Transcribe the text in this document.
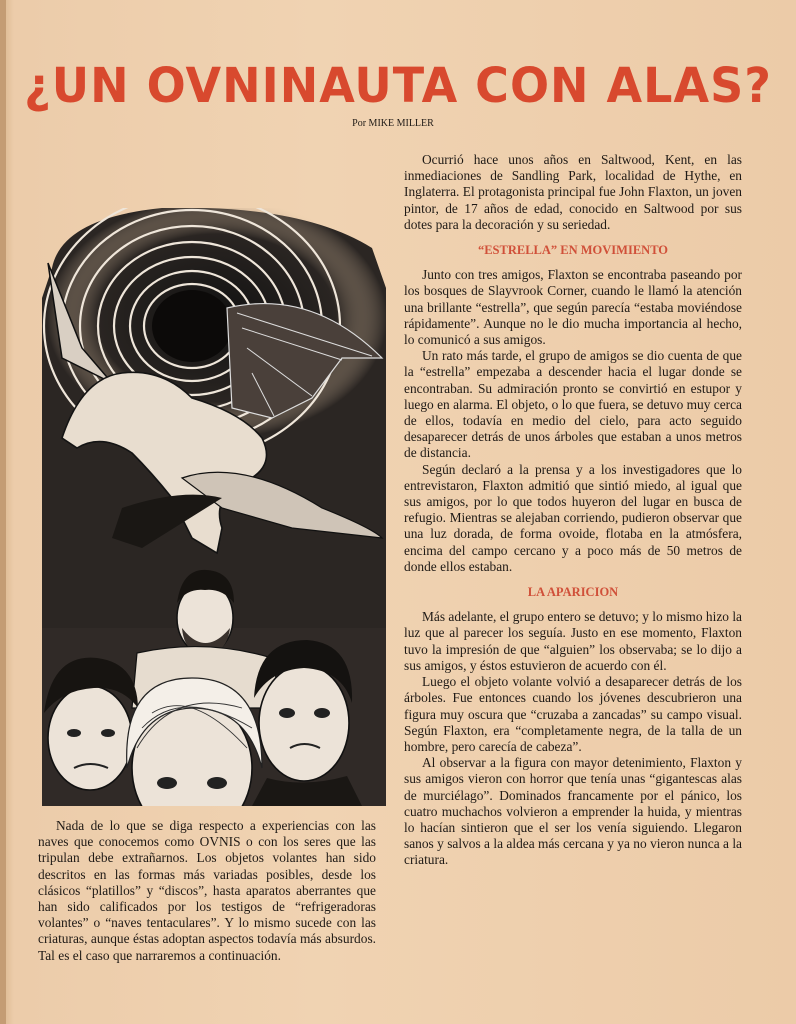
¿UN OVNINAUTA CON ALAS?
Por MIKE MILLER

Nada de lo que se diga respecto a experiencias con las naves que conocemos como OVNIS o con los seres que las tripulan debe extrañarnos. Los objetos volantes han sido descritos en las formas más variadas posibles, desde los clásicos “platillos” y “discos”, hasta aparatos aberrantes que han sido calificados por los testigos de “refrigeradoras volantes” o “naves tentaculares”. Y lo mismo sucede con las criaturas, aunque éstas adoptan aspectos todavía más absurdos. Tal es el caso que narraremos a continuación.

Ocurrió hace unos años en Saltwood, Kent, en las inmediaciones de Sandling Park, localidad de Hythe, en Inglaterra. El protagonista principal fue John Flaxton, un joven pintor, de 17 años de edad, conocido en Saltwood por sus dotes para la decoración y su seriedad.

“ESTRELLA” EN MOVIMIENTO

Junto con tres amigos, Flaxton se encontraba paseando por los bosques de Slayvrook Corner, cuando le llamó la atención una brillante “estrella”, que según parecía “estaba moviéndose rápidamente”. Aunque no le dio mucha importancia al hecho, lo comunicó a sus amigos.

Un rato más tarde, el grupo de amigos se dio cuenta de que la “estrella” empezaba a descender hacia el lugar donde se encontraban. Su admiración pronto se convirtió en estupor y luego en alarma. El objeto, o lo que fuera, se detuvo muy cerca de ellos, todavía en medio del cielo, para acto seguido desaparecer detrás de unos árboles que estaban a unos metros de distancia.

Según declaró a la prensa y a los investigadores que lo entrevistaron, Flaxton admitió que sintió miedo, al igual que sus amigos, por lo que todos huyeron del lugar en busca de refugio. Mientras se alejaban corriendo, pudieron observar que una luz dorada, de forma ovoide, flotaba en la atmósfera, encima del campo cercano y a poco más de 50 metros de donde ellos estaban.

LA APARICION

Más adelante, el grupo entero se detuvo; y lo mismo hizo la luz que al parecer los seguía. Justo en ese momento, Flaxton tuvo la impresión de que “alguien” los observaba; se lo dijo a sus amigos, y éstos estuvieron de acuerdo con él.

Luego el objeto volante volvió a desaparecer detrás de los árboles. Fue entonces cuando los jóvenes descubrieron una figura muy oscura que “cruzaba a zancadas” su campo visual. Según Flaxton, era “completamente negra, de la talla de un hombre, pero carecía de cabeza”.

Al observar a la figura con mayor detenimiento, Flaxton y sus amigos vieron con horror que tenía unas “gigantescas alas de murciélago”. Dominados francamente por el pánico, los cuatro muchachos volvieron a emprender la huida, y mientras lo hacían sintieron que el ser los venía siguiendo. Llegaron sanos y salvos a la aldea más cercana y ya no vieron nunca a la criatura.
